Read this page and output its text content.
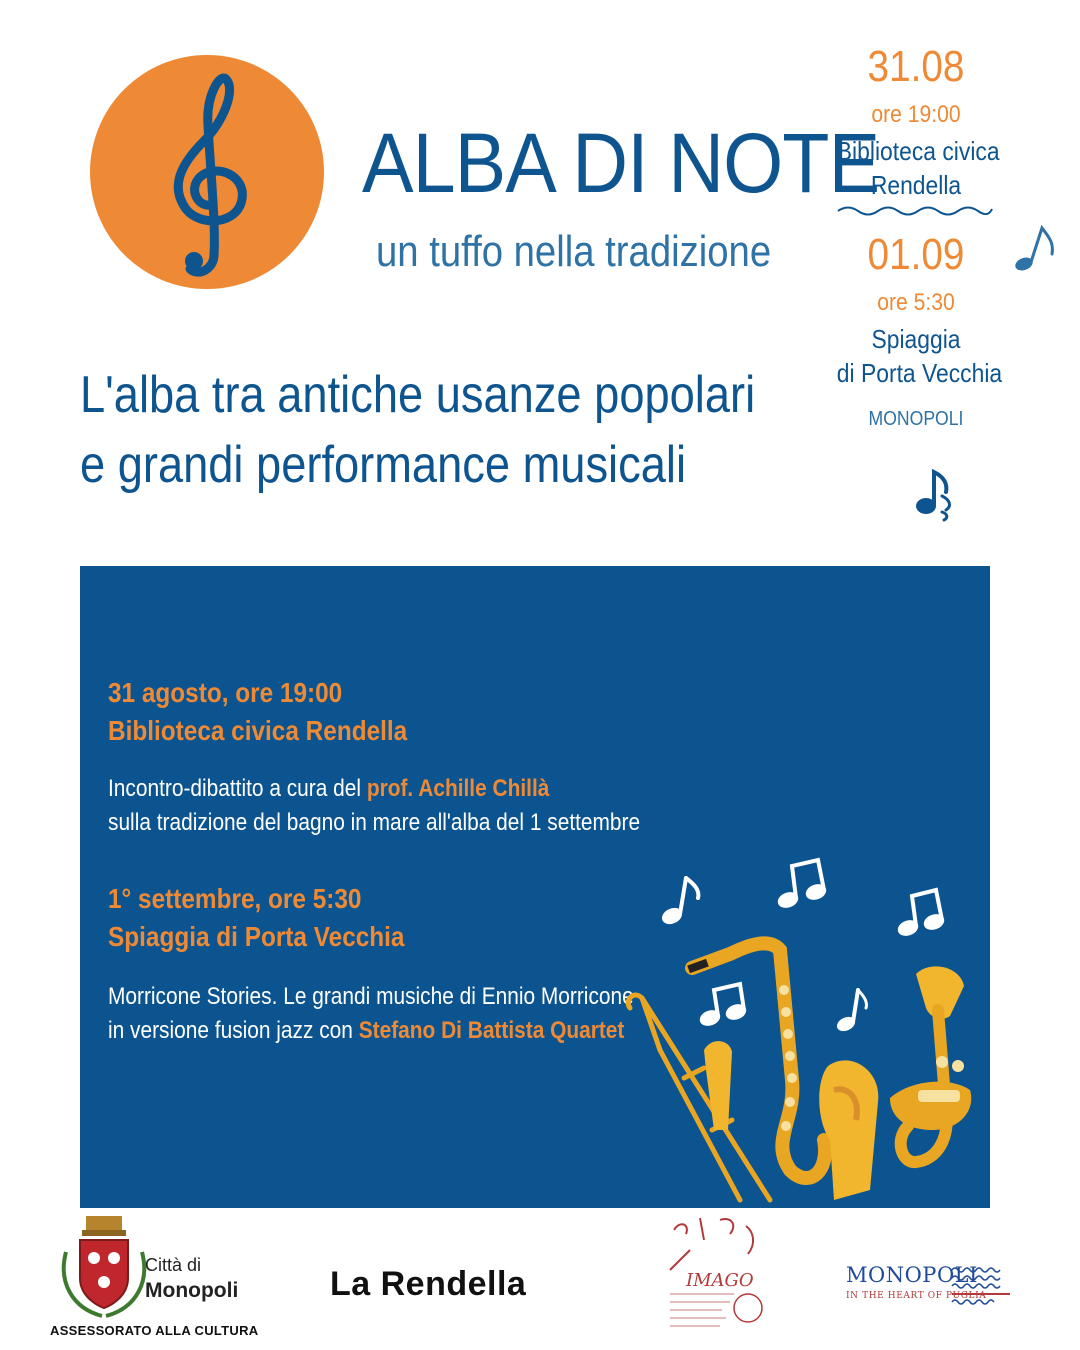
ALBA DI NOTE
un tuffo nella tradizione
L'alba tra antiche usanze popolari
e grandi performance musicali
31.08
ore 19:00
Biblioteca civica
Rendella
01.09
ore 5:30
Spiaggia
di Porta Vecchia
MONOPOLI
31 agosto, ore 19:00
Biblioteca civica Rendella
Incontro-dibattito a cura del prof. Achille Chillà
sulla tradizione del bagno in mare all'alba del 1 settembre
1° settembre, ore 5:30
Spiaggia di Porta Vecchia
Morricone Stories. Le grandi musiche di Ennio Morricone
in versione fusion jazz con Stefano Di Battista Quartet
Città di
Monopoli
ASSESSORATO ALLA CULTURA
La Rendella	IMAGO	MONOPOLI
IN THE HEART OF PUGLIA
